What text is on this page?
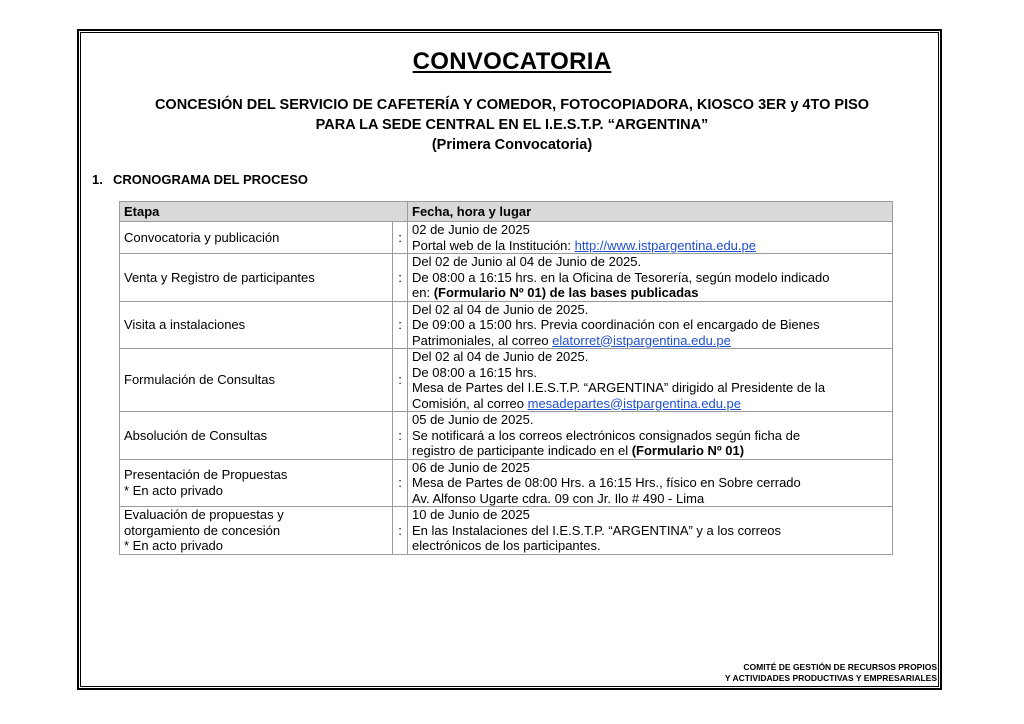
CONVOCATORIA
CONCESIÓN DEL SERVICIO DE CAFETERÍA Y COMEDOR, FOTOCOPIADORA, KIOSCO 3ER y 4TO PISO
PARA LA SEDE CENTRAL EN EL I.E.S.T.P. “ARGENTINA”
(Primera Convocatoria)
1. CRONOGRAMA DEL PROCESO
Etapa		Fecha, hora y lugar
Convocatoria y publicación	:	02 de Junio de 2025
Portal web de la Institución: http://www.istpargentina.edu.pe

Venta y Registro de participantes	:	Del 02 de Junio al 04 de Junio de 2025.
De 08:00 a 16:15 hrs. en la Oficina de Tesorería, según modelo indicado
en: (Formulario Nº 01) de las bases publicadas

Visita a instalaciones	:	Del 02 al 04 de Junio de 2025.
De 09:00 a 15:00 hrs. Previa coordinación con el encargado de Bienes
Patrimoniales, al correo elatorret@istpargentina.edu.pe

Formulación de Consultas	:	Del 02 al 04 de Junio de 2025.
De 08:00 a 16:15 hrs.
Mesa de Partes del I.E.S.T.P. “ARGENTINA” dirigido al Presidente de la
Comisión, al correo mesadepartes@istpargentina.edu.pe

Absolución de Consultas	:	05 de Junio de 2025.
Se notificará a los correos electrónicos consignados según ficha de
registro de participante indicado en el (Formulario Nº 01)

Presentación de Propuestas
* En acto privado	:	06 de Junio de 2025
Mesa de Partes de 08:00 Hrs. a 16:15 Hrs., físico en Sobre cerrado
Av. Alfonso Ugarte cdra. 09 con Jr. Ilo # 490 - Lima

Evaluación de propuestas y
otorgamiento de concesión
* En acto privado	:	10 de Junio de 2025
En las Instalaciones del I.E.S.T.P. “ARGENTINA” y a los correos
electrónicos de los participantes.
COMITÉ DE GESTIÓN DE RECURSOS PROPIOS
Y ACTIVIDADES PRODUCTIVAS Y EMPRESARIALES
